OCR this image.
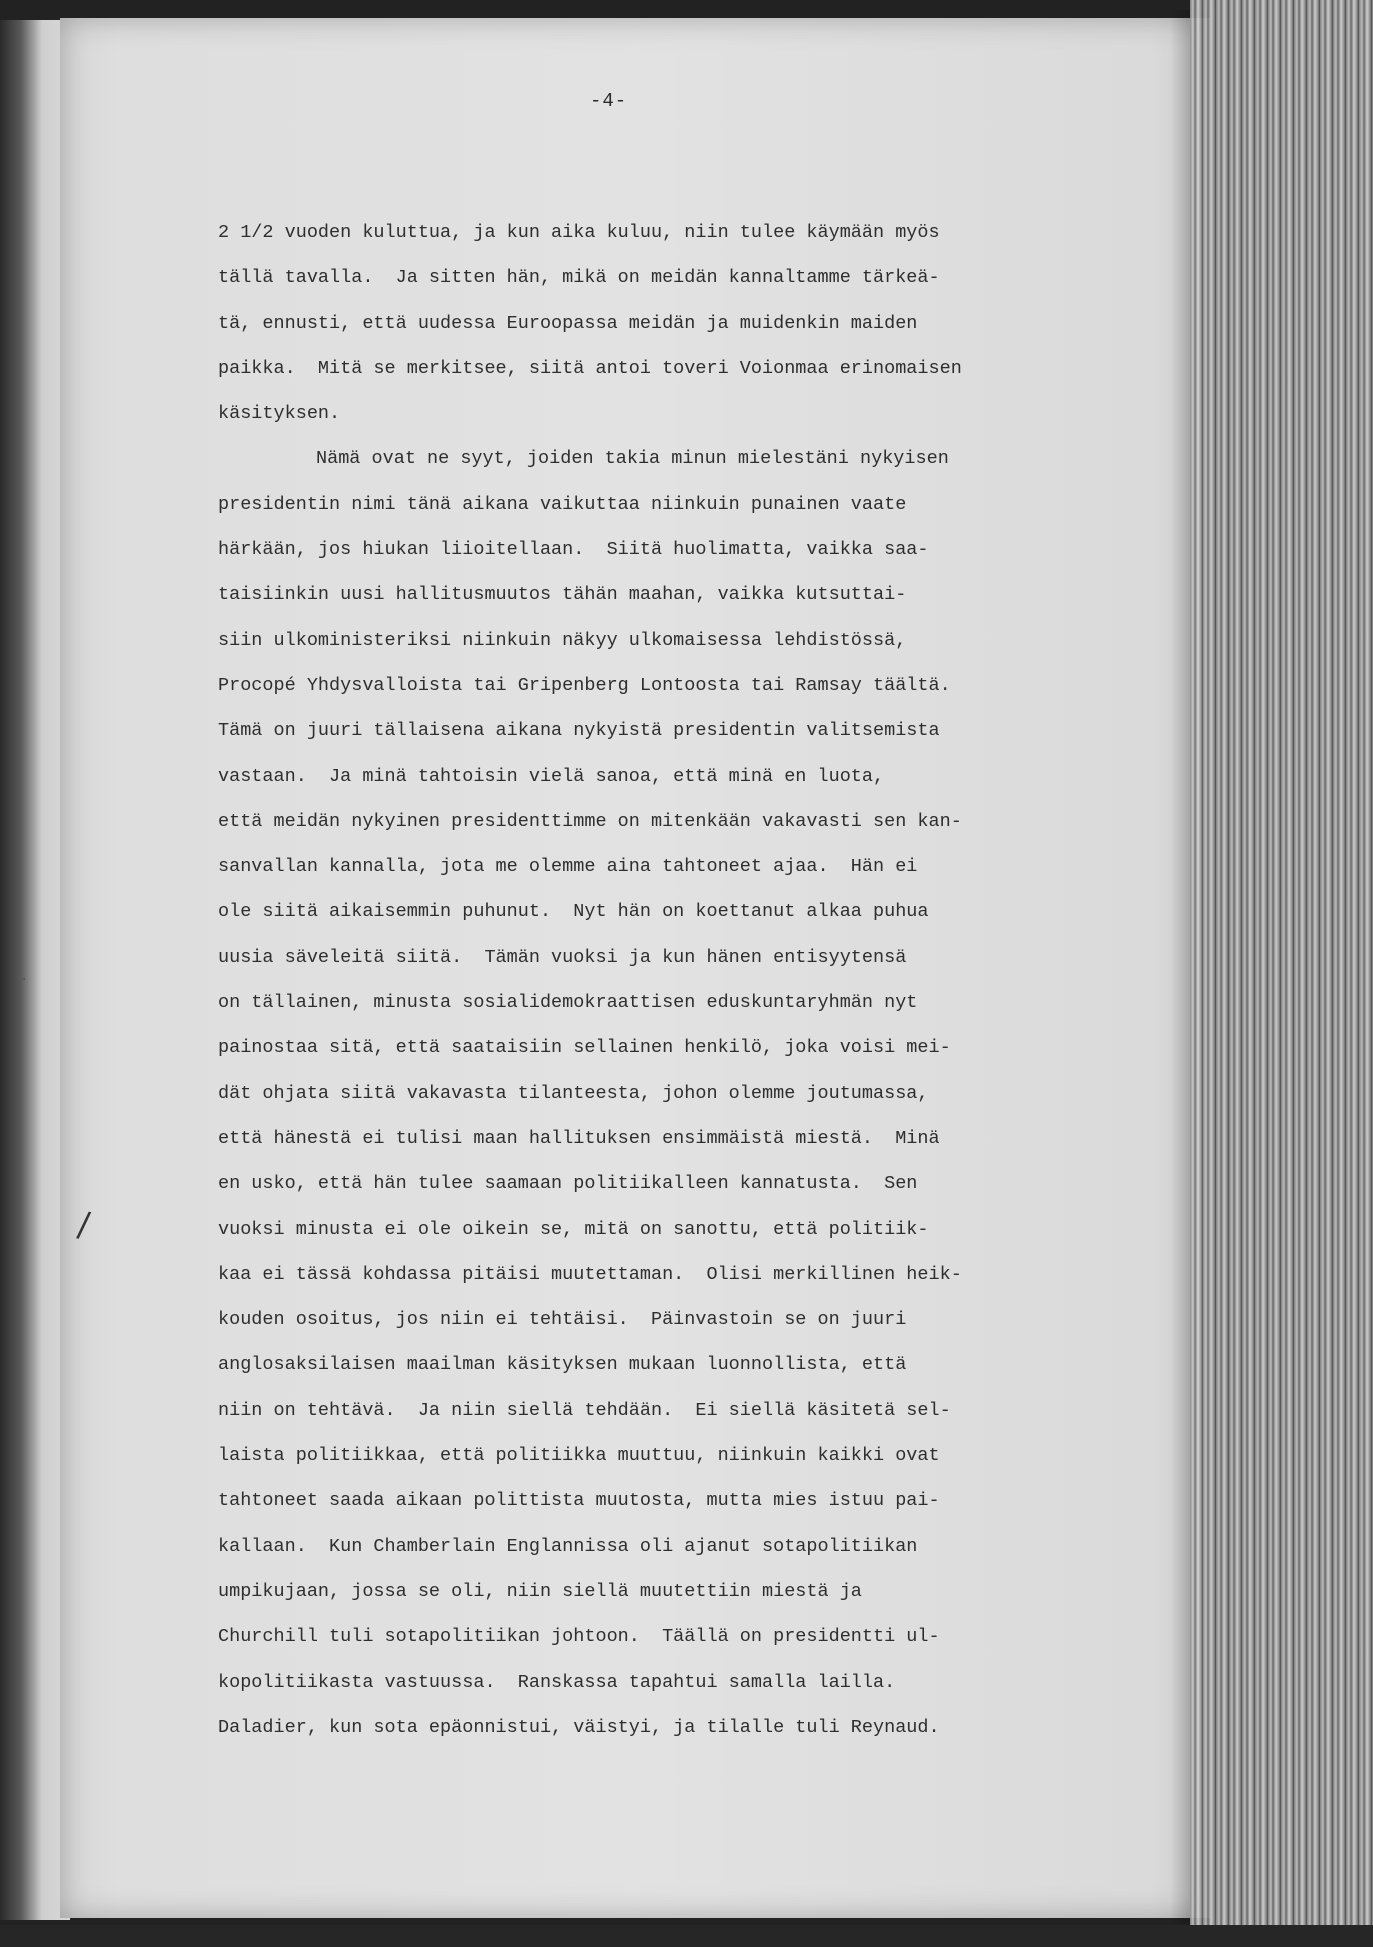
-4-
2 1/2 vuoden kuluttua, ja kun aika kuluu, niin tulee käymään myös
tällä tavalla.  Ja sitten hän, mikä on meidän kannaltamme tärkeä-
tä, ennusti, että uudessa Euroopassa meidän ja muidenkin maiden
paikka.  Mitä se merkitsee, siitä antoi toveri Voionmaa erinomaisen
käsityksen.
Nämä ovat ne syyt, joiden takia minun mielestäni nykyisen
presidentin nimi tänä aikana vaikuttaa niinkuin punainen vaate
härkään, jos hiukan liioitellaan.  Siitä huolimatta, vaikka saa-
taisiinkin uusi hallitusmuutos tähän maahan, vaikka kutsuttai-
siin ulkoministeriksi niinkuin näkyy ulkomaisessa lehdistössä,
Procopé Yhdysvalloista tai Gripenberg Lontoosta tai Ramsay täältä.
Tämä on juuri tällaisena aikana nykyistä presidentin valitsemista
vastaan.  Ja minä tahtoisin vielä sanoa, että minä en luota,
että meidän nykyinen presidenttimme on mitenkään vakavasti sen kan-
sanvallan kannalla, jota me olemme aina tahtoneet ajaa.  Hän ei
ole siitä aikaisemmin puhunut.  Nyt hän on koettanut alkaa puhua
uusia säveleitä siitä.  Tämän vuoksi ja kun hänen entisyytensä
on tällainen, minusta sosialidemokraattisen eduskuntaryhmän nyt
painostaa sitä, että saataisiin sellainen henkilö, joka voisi mei-
dät ohjata siitä vakavasta tilanteesta, johon olemme joutumassa,
että hänestä ei tulisi maan hallituksen ensimmäistä miestä.  Minä
en usko, että hän tulee saamaan politiikalleen kannatusta.  Sen
vuoksi minusta ei ole oikein se, mitä on sanottu, että politiik-
kaa ei tässä kohdassa pitäisi muutettaman.  Olisi merkillinen heik-
kouden osoitus, jos niin ei tehtäisi.  Päinvastoin se on juuri
anglosaksilaisen maailman käsityksen mukaan luonnollista, että
niin on tehtävä.  Ja niin siellä tehdään.  Ei siellä käsitetä sel-
laista politiikkaa, että politiikka muuttuu, niinkuin kaikki ovat
tahtoneet saada aikaan polittista muutosta, mutta mies istuu pai-
kallaan.  Kun Chamberlain Englannissa oli ajanut sotapolitiikan
umpikujaan, jossa se oli, niin siellä muutettiin miestä ja
Churchill tuli sotapolitiikan johtoon.  Täällä on presidentti ul-
kopolitiikasta vastuussa.  Ranskassa tapahtui samalla lailla.
Daladier, kun sota epäonnistui, väistyi, ja tilalle tuli Reynaud.
/
·
